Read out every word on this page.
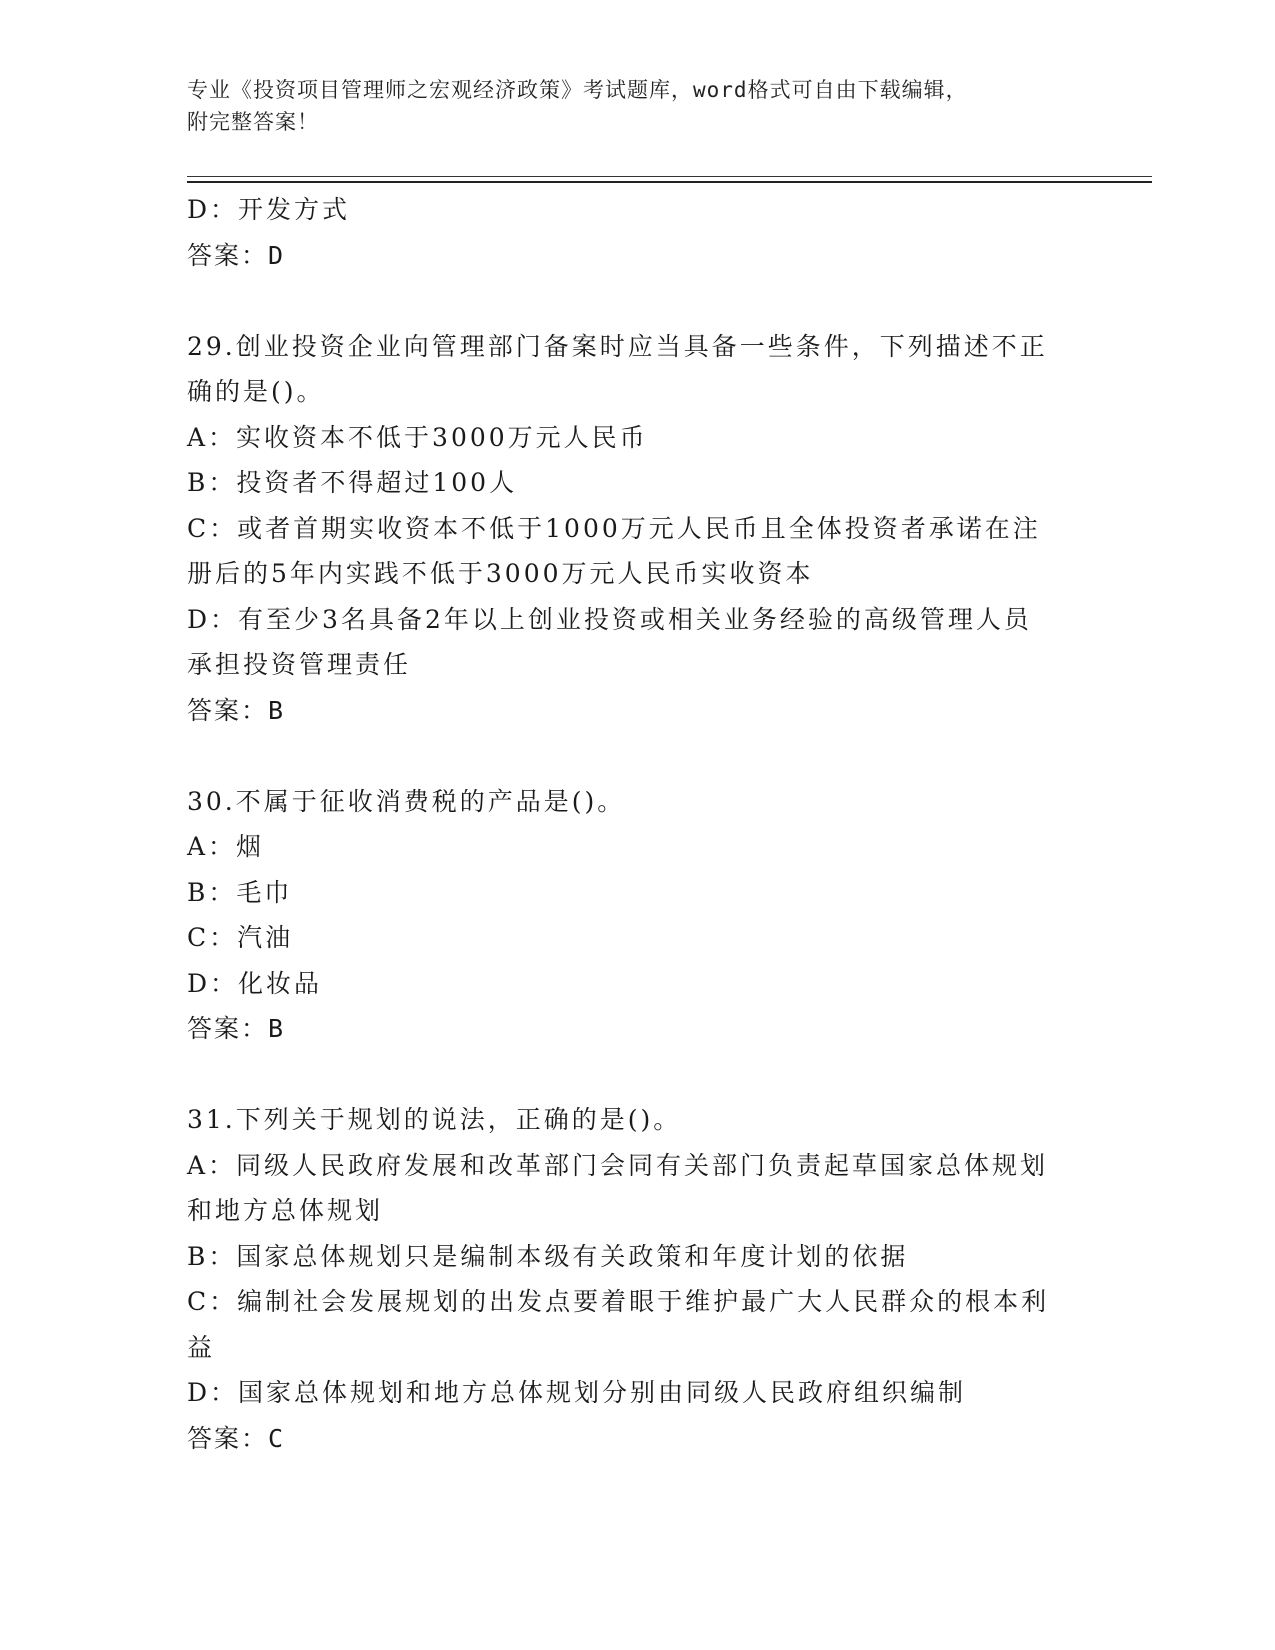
专业《投资项目管理师之宏观经济政策》考试题库，word格式可自由下载编辑，
附完整答案！

D：开发方式

答案：D

29.创业投资企业向管理部门备案时应当具备一些条件，下列描述不正

确的是()。

A：实收资本不低于3000万元人民币

B：投资者不得超过100人

C：或者首期实收资本不低于1000万元人民币且全体投资者承诺在注

册后的5年内实践不低于3000万元人民币实收资本

D：有至少3名具备2年以上创业投资或相关业务经验的高级管理人员

承担投资管理责任

答案：B

30.不属于征收消费税的产品是()。

A：烟

B：毛巾

C：汽油

D：化妆品

答案：B

31.下列关于规划的说法，正确的是()。

A：同级人民政府发展和改革部门会同有关部门负责起草国家总体规划

和地方总体规划

B：国家总体规划只是编制本级有关政策和年度计划的依据

C：编制社会发展规划的出发点要着眼于维护最广大人民群众的根本利

益

D：国家总体规划和地方总体规划分别由同级人民政府组织编制

答案：C
